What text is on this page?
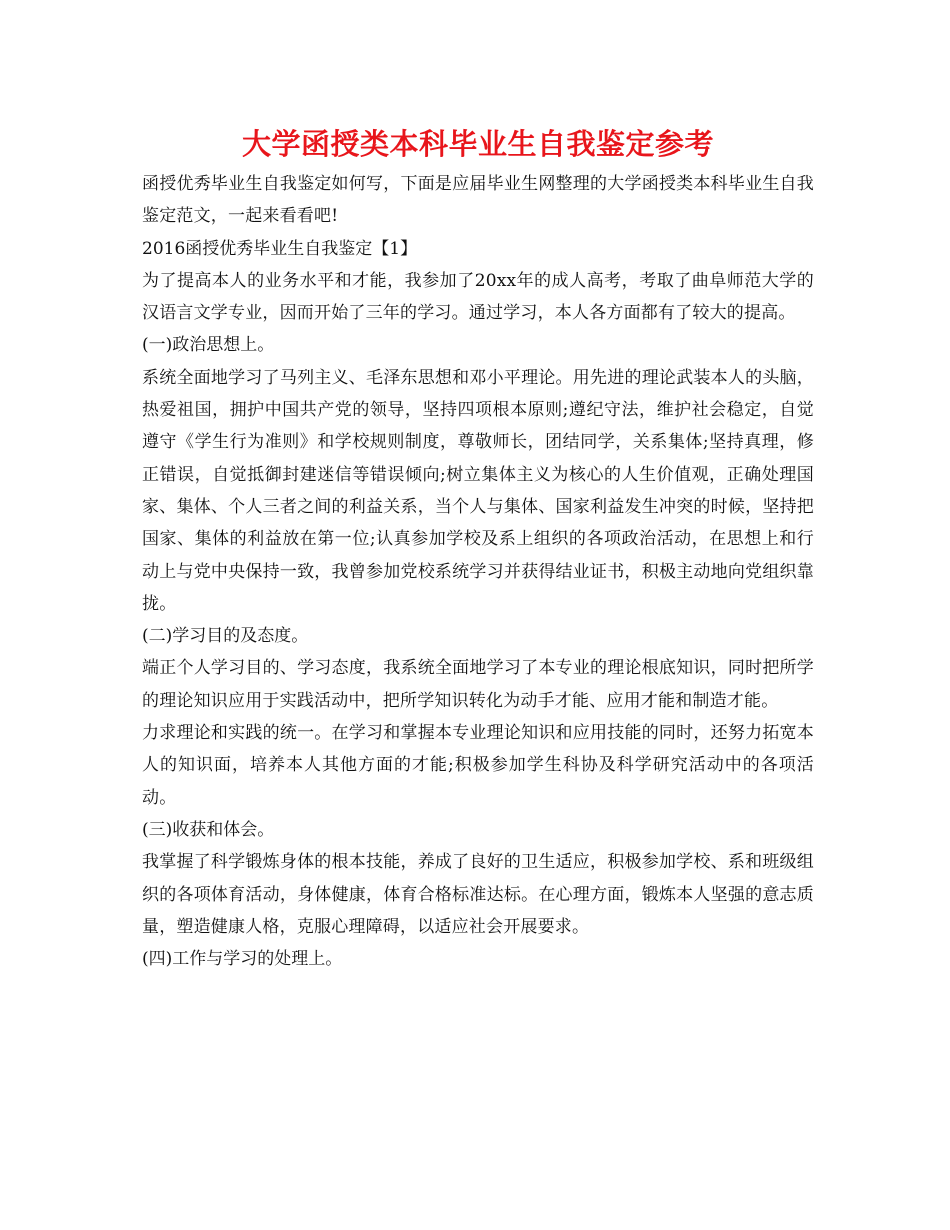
大学函授类本科毕业生自我鉴定参考

函授优秀毕业生自我鉴定如何写，下面是应届毕业生网整理的大学函授类本科毕业生自我鉴定范文，一起来看看吧!

2016函授优秀毕业生自我鉴定【1】

为了提高本人的业务水平和才能，我参加了20xx年的成人高考，考取了曲阜师范大学的汉语言文学专业，因而开始了三年的学习。通过学习，本人各方面都有了较大的提高。

(一)政治思想上。

系统全面地学习了马列主义、毛泽东思想和邓小平理论。用先进的理论武装本人的头脑，热爱祖国，拥护中国共产党的领导，坚持四项根本原则;遵纪守法，维护社会稳定，自觉遵守《学生行为准则》和学校规则制度，尊敬师长，团结同学，关系集体;坚持真理，修正错误，自觉抵御封建迷信等错误倾向;树立集体主义为核心的人生价值观，正确处理国家、集体、个人三者之间的利益关系，当个人与集体、国家利益发生冲突的时候，坚持把国家、集体的利益放在第一位;认真参加学校及系上组织的各项政治活动，在思想上和行动上与党中央保持一致，我曾参加党校系统学习并获得结业证书，积极主动地向党组织靠拢。

(二)学习目的及态度。

端正个人学习目的、学习态度，我系统全面地学习了本专业的理论根底知识，同时把所学的理论知识应用于实践活动中，把所学知识转化为动手才能、应用才能和制造才能。

力求理论和实践的统一。在学习和掌握本专业理论知识和应用技能的同时，还努力拓宽本人的知识面，培养本人其他方面的才能;积极参加学生科协及科学研究活动中的各项活动。

(三)收获和体会。

我掌握了科学锻炼身体的根本技能，养成了良好的卫生适应，积极参加学校、系和班级组织的各项体育活动，身体健康，体育合格标准达标。在心理方面，锻炼本人坚强的意志质量，塑造健康人格，克服心理障碍，以适应社会开展要求。

(四)工作与学习的处理上。
